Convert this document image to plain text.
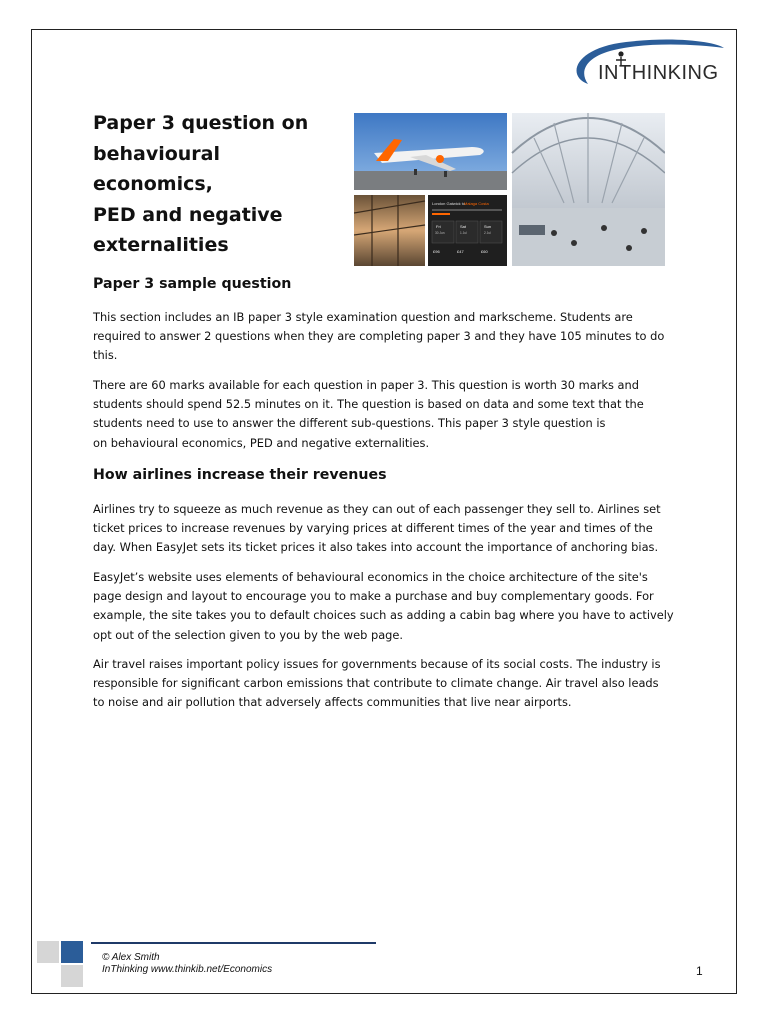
INTHINKING
Paper 3 question on
behavioural economics,
PED and negative
externalities
London Gatwick to
Malaga Costa
Fri
30 Jun
£96
Sat
1 Jul
£47
Sun
2 Jul
£60
Paper 3 sample question
This section includes an IB paper 3 style examination question and markscheme. Students are
required to answer 2 questions when they are completing paper 3 and they have 105 minutes to do
this.
There are 60 marks available for each question in paper 3. This question is worth 30 marks and
students should spend 52.5 minutes on it. The question is based on data and some text that the
students need to use to answer the different sub-questions. This paper 3 style question is
on behavioural economics, PED and negative externalities.
How airlines increase their revenues
Airlines try to squeeze as much revenue as they can out of each passenger they sell to. Airlines set
ticket prices to increase revenues by varying prices at different times of the year and times of the
day. When EasyJet sets its ticket prices it also takes into account the importance of anchoring bias.
EasyJet’s website uses elements of behavioural economics in the choice architecture of the site's
page design and layout to encourage you to make a purchase and buy complementary goods. For
example, the site takes you to default choices such as adding a cabin bag where you have to actively
opt out of the selection given to you by the web page.
Air travel raises important policy issues for governments because of its social costs. The industry is
responsible for significant carbon emissions that contribute to climate change. Air travel also leads
to noise and air pollution that adversely affects communities that live near airports.
© Alex Smith
InThinking www.thinkib.net/Economics	1
